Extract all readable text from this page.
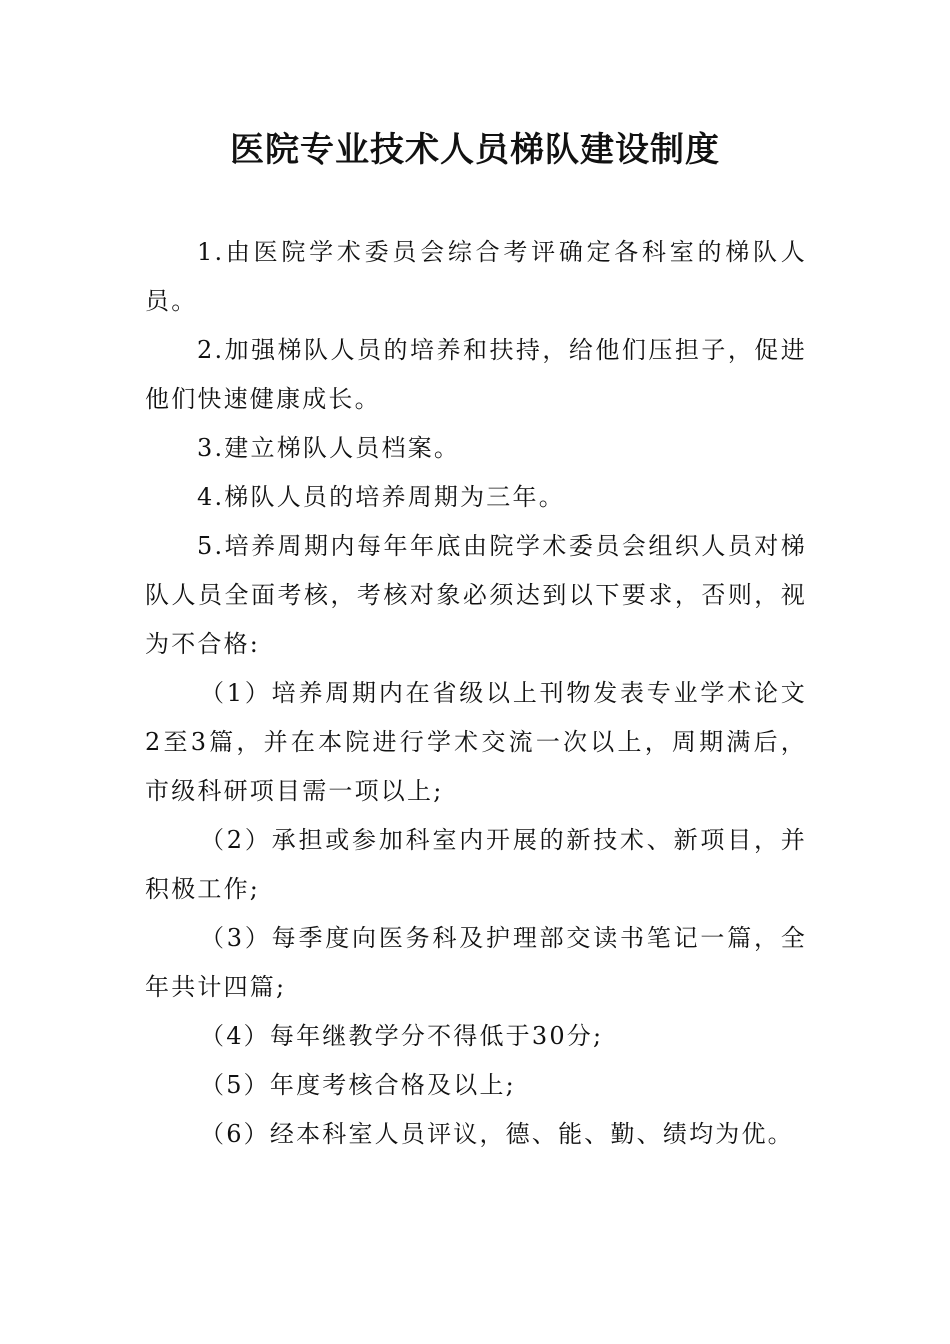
医院专业技术人员梯队建设制度

1.由医院学术委员会综合考评确定各科室的梯队人员。

2.加强梯队人员的培养和扶持，给他们压担子，促进他们快速健康成长。

3.建立梯队人员档案。

4.梯队人员的培养周期为三年。

5.培养周期内每年年底由院学术委员会组织人员对梯队人员全面考核，考核对象必须达到以下要求，否则，视为不合格:

（1）培养周期内在省级以上刊物发表专业学术论文2至3篇，并在本院进行学术交流一次以上，周期满后，市级科研项目需一项以上;

（2）承担或参加科室内开展的新技术、新项目，并积极工作;

（3）每季度向医务科及护理部交读书笔记一篇，全年共计四篇;

（4）每年继教学分不得低于30分;

（5）年度考核合格及以上;

（6）经本科室人员评议，德、能、勤、绩均为优。
